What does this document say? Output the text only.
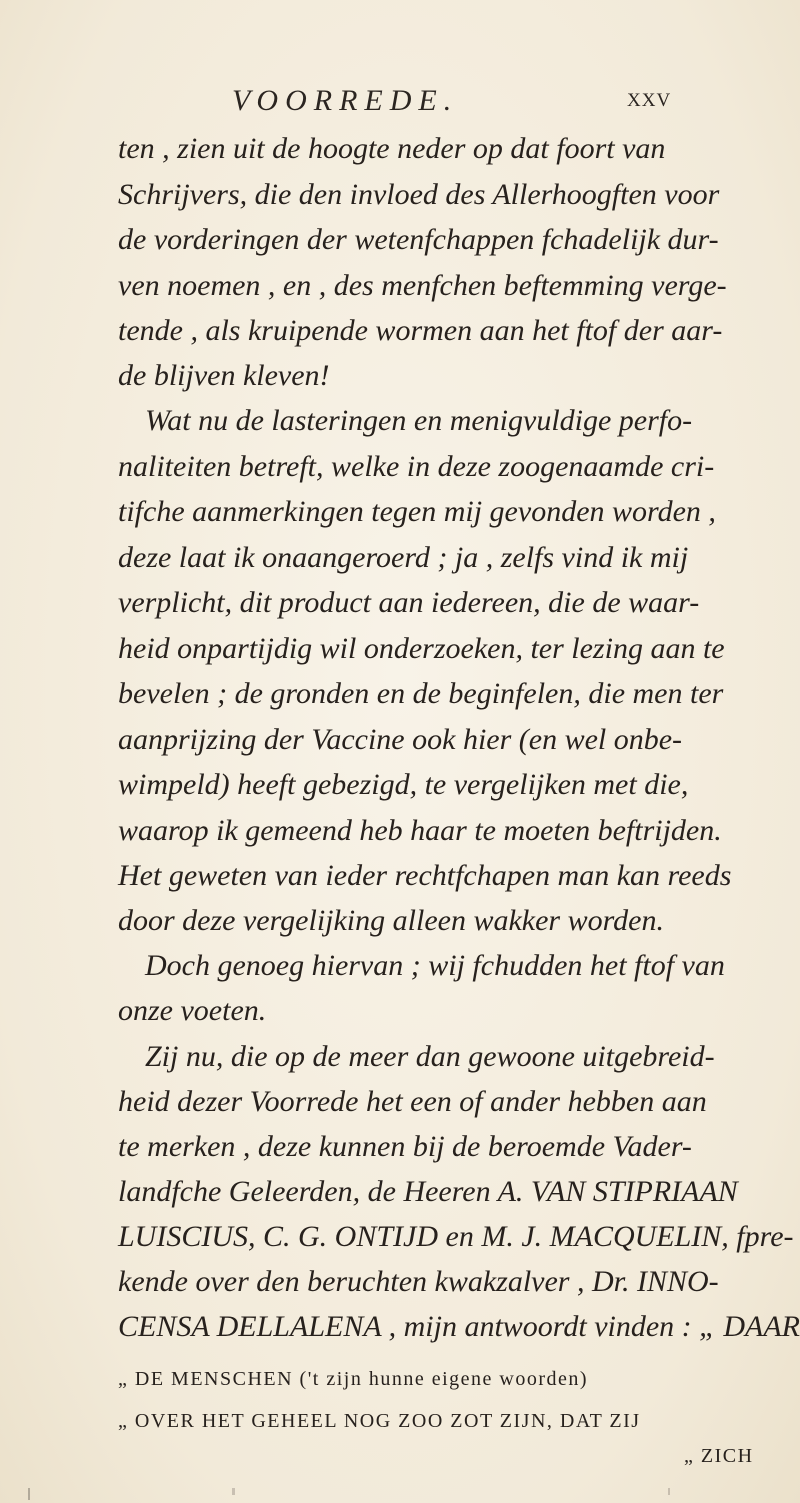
VOORREDE.	XXV
ten , zien uit de hoogte neder op dat foort van
Schrijvers, die den invloed des Allerhoogften voor
de vorderingen der wetenfchappen fchadelijk dur-
ven noemen , en , des menfchen beftemming verge-
tende , als kruipende wormen aan het ftof der aar-
de blijven kleven!
Wat nu de lasteringen en menigvuldige perfo-
naliteiten betreft, welke in deze zoogenaamde cri-
tifche aanmerkingen tegen mij gevonden worden ,
deze laat ik onaangeroerd ; ja , zelfs vind ik mij
verplicht, dit product aan iedereen, die de waar-
heid onpartijdig wil onderzoeken, ter lezing aan te
bevelen ; de gronden en de beginfelen, die men ter
aanprijzing der Vaccine ook hier (en wel onbe-
wimpeld) heeft gebezigd, te vergelijken met die,
waarop ik gemeend heb haar te moeten beftrijden.
Het geweten van ieder rechtfchapen man kan reeds
door deze vergelijking alleen wakker worden.
Doch genoeg hiervan ; wij fchudden het ftof van
onze voeten.
Zij nu, die op de meer dan gewoone uitgebreid-
heid dezer Voorrede het een of ander hebben aan
te merken , deze kunnen bij de beroemde Vader-
landfche Geleerden, de Heeren A. VAN STIPRIAAN
LUISCIUS, C. G. ONTIJD en M. J. MACQUELIN, fpre-
kende over den beruchten kwakzalver , Dr. INNO-
CENSA DELLALENA , mijn antwoordt vinden : „ DAAR
„ DE MENSCHEN ('t zijn hunne eigene woorden)
„ OVER HET GEHEEL NOG ZOO ZOT ZIJN, DAT ZIJ
„ ZICH
